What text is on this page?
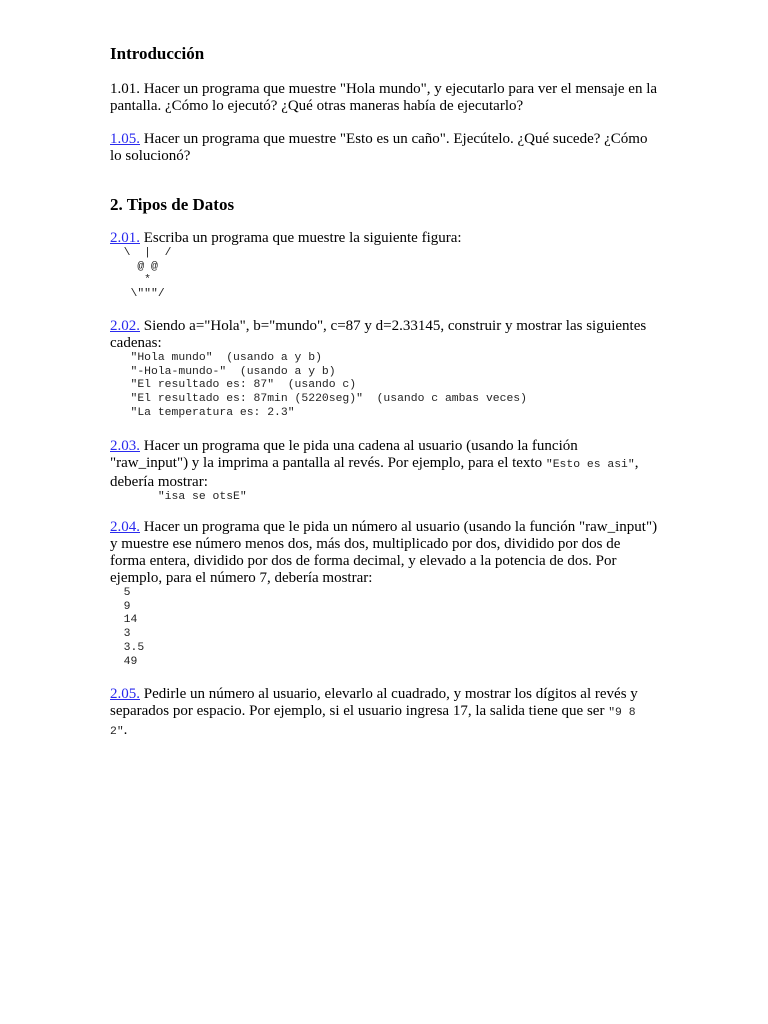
Introducción

1.01. Hacer un programa que muestre "Hola mundo", y ejecutarlo para ver el mensaje en la pantalla. ¿Cómo lo ejecutó? ¿Qué otras maneras había de ejecutarlo?

1.05. Hacer un programa que muestre "Esto es un caño". Ejecútelo. ¿Qué sucede? ¿Cómo lo solucionó?

2. Tipos de Datos

2.01. Escriba un programa que muestre la siguiente figura:

\  |  /
@ @
*
\"""/

2.02. Siendo a="Hola", b="mundo", c=87 y d=2.33145, construir y mostrar las siguientes cadenas:

"Hola mundo"  (usando a y b)
"-Hola-mundo-"  (usando a y b)
"El resultado es: 87"  (usando c)
"El resultado es: 87min (5220seg)"  (usando c ambas veces)
"La temperatura es: 2.3"

2.03. Hacer un programa que le pida una cadena al usuario (usando la función "raw_input") y la imprima a pantalla al revés. Por ejemplo, para el texto "Esto es asi", debería mostrar:

"isa se otsE"

2.04. Hacer un programa que le pida un número al usuario (usando la función "raw_input") y muestre ese número menos dos, más dos, multiplicado por dos, dividido por dos de forma entera, dividido por dos de forma decimal, y elevado a la potencia de dos. Por ejemplo, para el número 7, debería mostrar:

5
9
14
3
3.5
49

2.05. Pedirle un número al usuario, elevarlo al cuadrado, y mostrar los dígitos al revés y separados por espacio. Por ejemplo, si el usuario ingresa 17, la salida tiene que ser "9 8 2".
